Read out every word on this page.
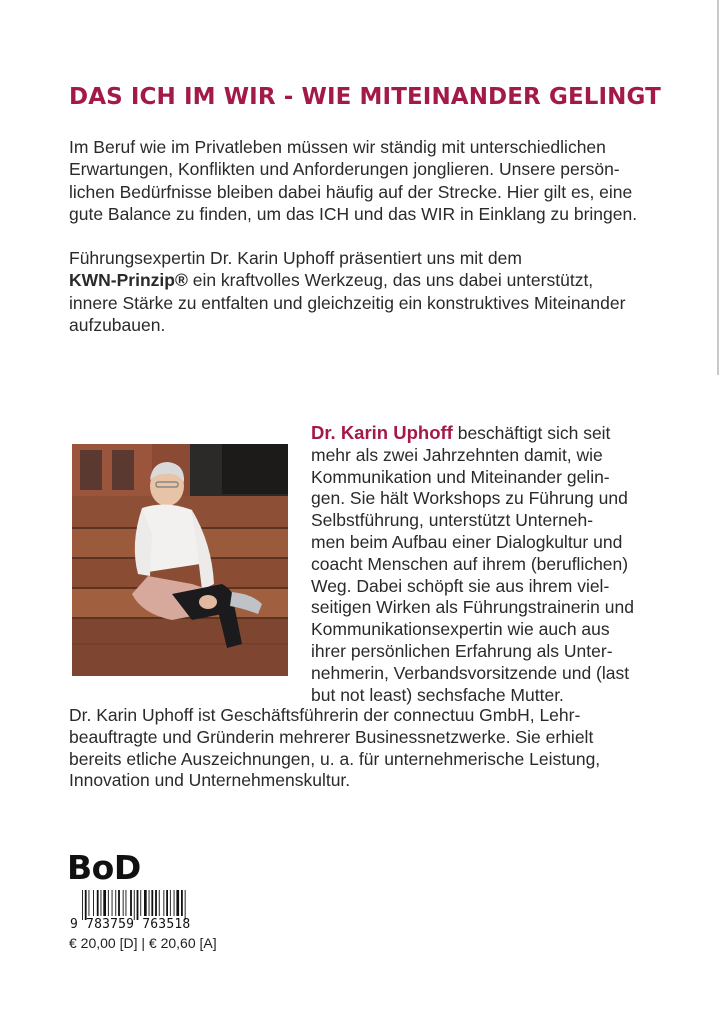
DAS ICH IM WIR - WIE MITEINANDER GELINGT

Im Beruf wie im Privatleben müssen wir ständig mit unterschiedlichen
Erwartungen, Konflikten und Anforderungen jonglieren. Unsere persön-
lichen Bedürfnisse bleiben dabei häufig auf der Strecke. Hier gilt es, eine
gute Balance zu finden, um das ICH und das WIR in Einklang zu bringen.

Führungsexpertin Dr. Karin Uphoff präsentiert uns mit dem
KWN-Prinzip® ein kraftvolles Werkzeug, das uns dabei unterstützt,
innere Stärke zu entfalten und gleichzeitig ein konstruktives Miteinander
aufzubauen.

Dr. Karin Uphoff beschäftigt sich seit
mehr als zwei Jahrzehnten damit, wie
Kommunikation und Miteinander gelin-
gen. Sie hält Workshops zu Führung und
Selbstführung, unterstützt Unterneh-
men beim Aufbau einer Dialogkultur und
coacht Menschen auf ihrem (beruflichen)
Weg. Dabei schöpft sie aus ihrem viel-
seitigen Wirken als Führungstrainerin und
Kommunikationsexpertin wie auch aus
ihrer persönlichen Erfahrung als Unter-
nehmerin, Verbandsvorsitzende und (last
but not least) sechsfache Mutter.

Dr. Karin Uphoff ist Geschäftsführerin der connectuu GmbH, Lehr-
beauftragte und Gründerin mehrerer Businessnetzwerke. Sie erhielt
bereits etliche Auszeichnungen, u. a. für unternehmerische Leistung,
Innovation und Unternehmenskultur.

BoD
9 783759 763518
€ 20,00 [D] | € 20,60 [A]
